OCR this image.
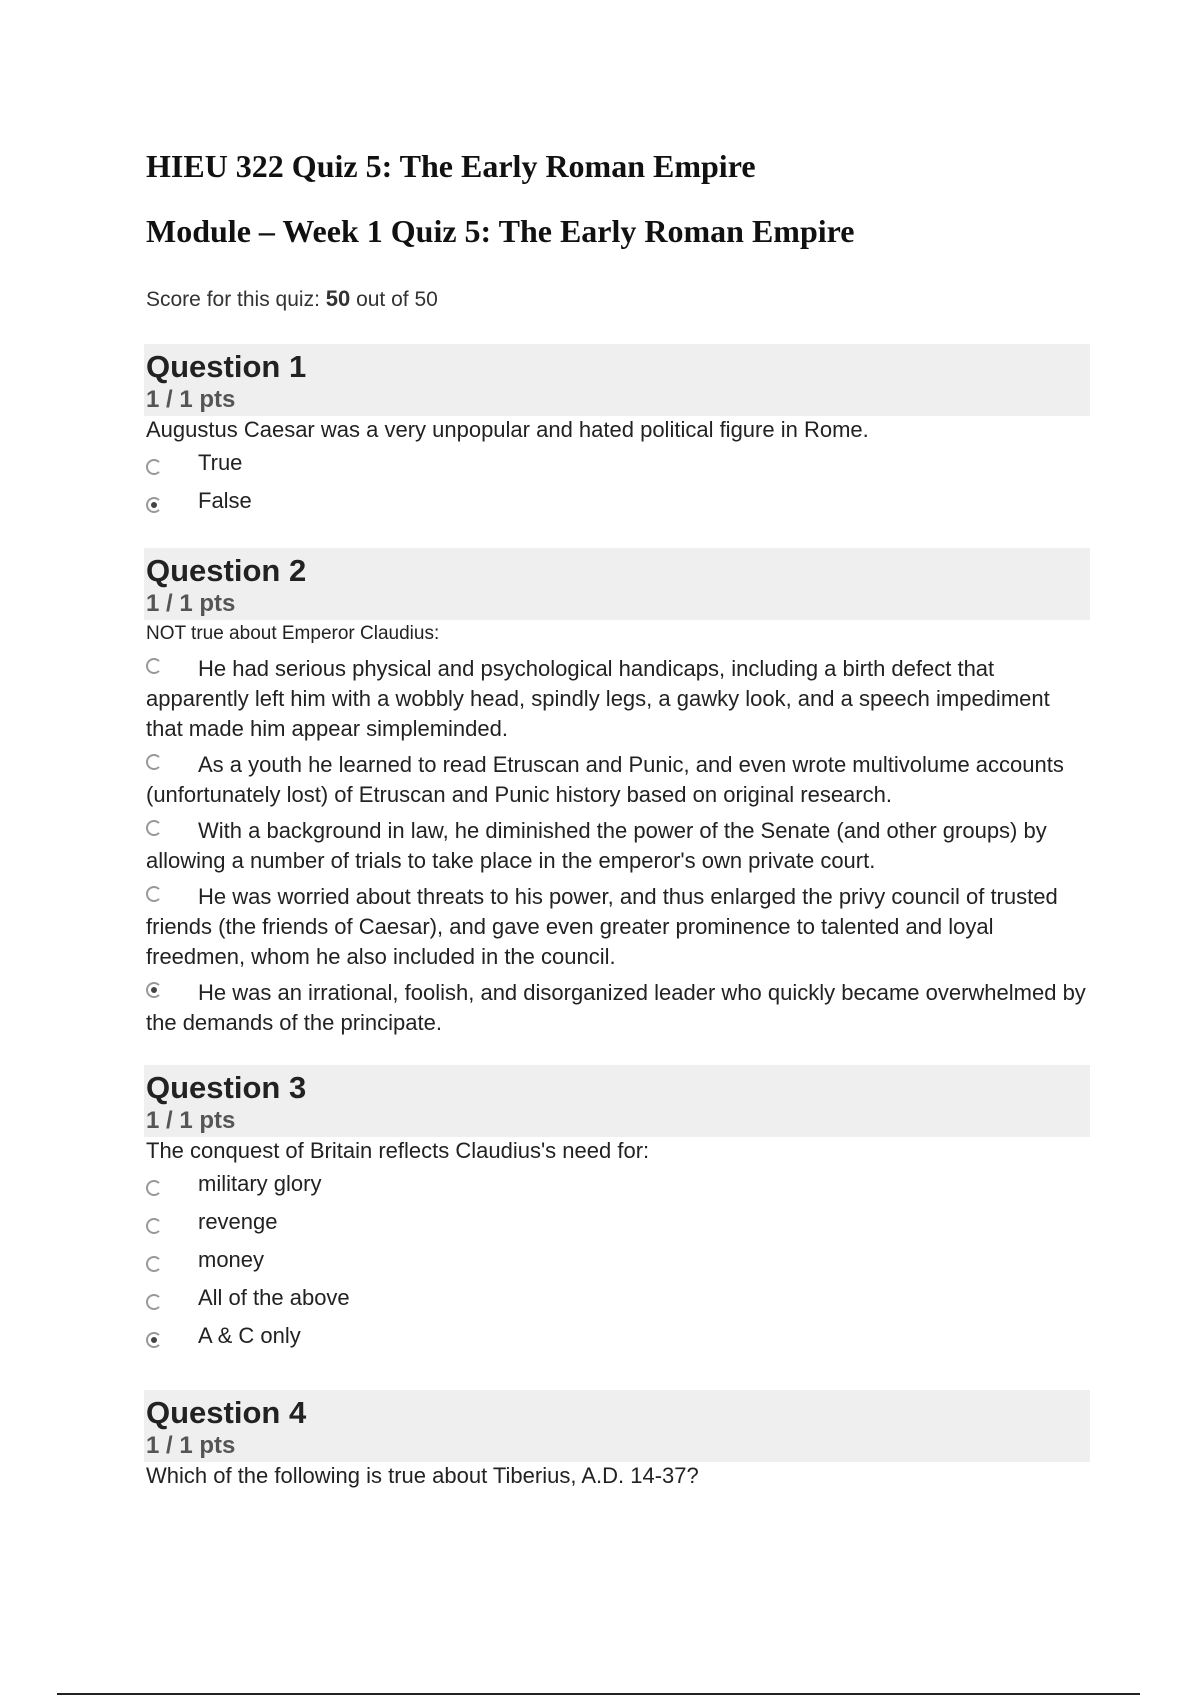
HIEU 322 Quiz 5: The Early Roman Empire
Module – Week 1 Quiz 5: The Early Roman Empire
Score for this quiz: 50 out of 50
Question 1
1 / 1 pts
Augustus Caesar was a very unpopular and hated political figure in Rome.
True
False
Question 2
1 / 1 pts
NOT true about Emperor Claudius:
He had serious physical and psychological handicaps, including a birth defect that apparently left him with a wobbly head, spindly legs, a gawky look, and a speech impediment that made him appear simpleminded.
As a youth he learned to read Etruscan and Punic, and even wrote multivolume accounts (unfortunately lost) of Etruscan and Punic history based on original research.
With a background in law, he diminished the power of the Senate (and other groups) by allowing a number of trials to take place in the emperor's own private court.
He was worried about threats to his power, and thus enlarged the privy council of trusted friends (the friends of Caesar), and gave even greater prominence to talented and loyal freedmen, whom he also included in the council.
He was an irrational, foolish, and disorganized leader who quickly became overwhelmed by the demands of the principate.
Question 3
1 / 1 pts
The conquest of Britain reflects Claudius's need for:
military glory
revenge
money
All of the above
A & C only
Question 4
1 / 1 pts
Which of the following is true about Tiberius, A.D. 14-37?
